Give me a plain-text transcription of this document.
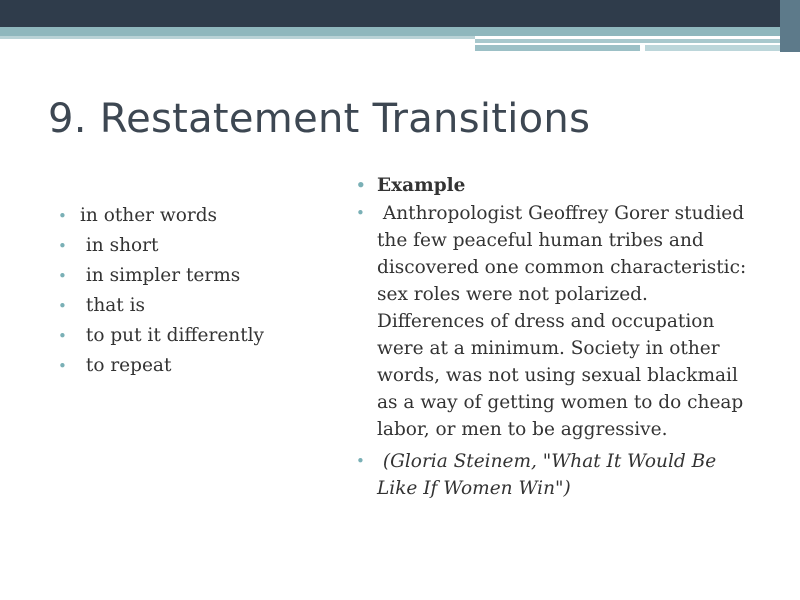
9. Restatement Transitions
• in other words
• in short
• in simpler terms
• that is
• to put it differently
• to repeat
• Example
• Anthropologist Geoffrey Gorer studied the few peaceful human tribes and discovered one common characteristic: sex roles were not polarized. Differences of dress and occupation were at a minimum. Society in other words, was not using sexual blackmail as a way of getting women to do cheap labor, or men to be aggressive.
• (Gloria Steinem, "What It Would Be Like If Women Win")
